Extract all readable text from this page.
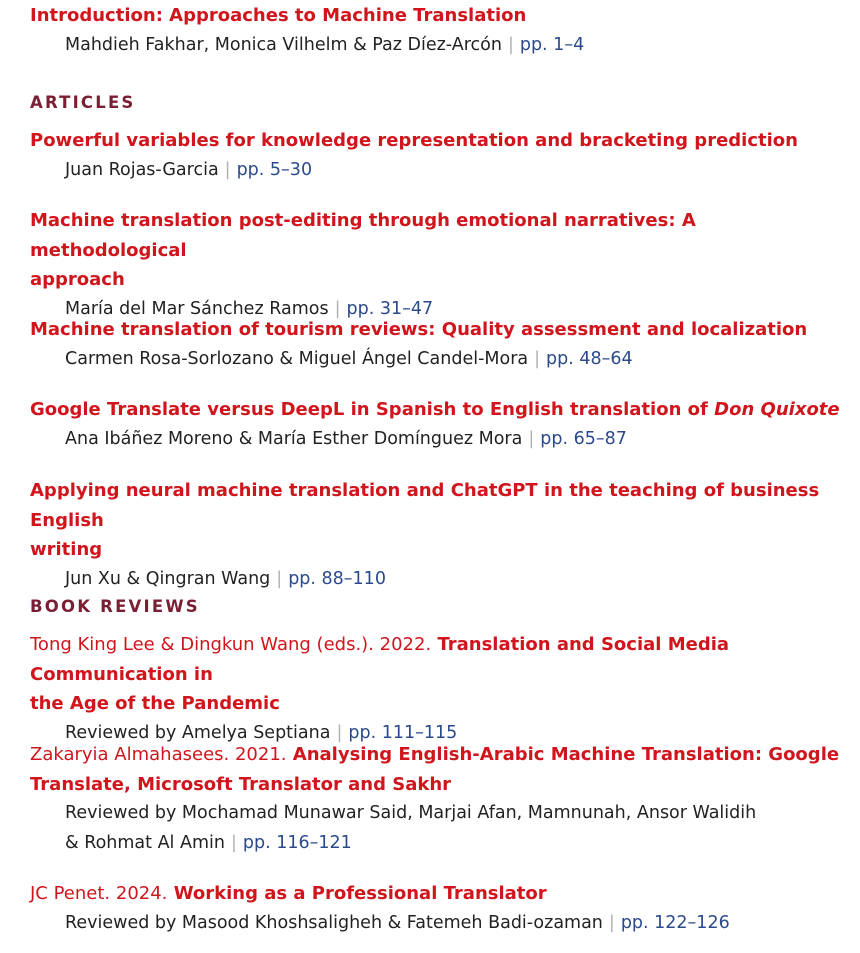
Introduction: Approaches to Machine Translation
Mahdieh Fakhar, Monica Vilhelm & Paz Díez-Arcón | pp. 1–4
ARTICLES
Powerful variables for knowledge representation and bracketing prediction
Juan Rojas-Garcia | pp. 5–30
Machine translation post-editing through emotional narratives: A methodological
approach
María del Mar Sánchez Ramos | pp. 31–47
Machine translation of tourism reviews: Quality assessment and localization
Carmen Rosa-Sorlozano & Miguel Ángel Candel-Mora | pp. 48–64
Google Translate versus DeepL in Spanish to English translation of Don Quixote
Ana Ibáñez Moreno & María Esther Domínguez Mora | pp. 65–87
Applying neural machine translation and ChatGPT in the teaching of business English
writing
Jun Xu & Qingran Wang | pp. 88–110
BOOK REVIEWS
Tong King Lee & Dingkun Wang (eds.). 2022. Translation and Social Media Communication in
the Age of the Pandemic
Reviewed by Amelya Septiana | pp. 111–115
Zakaryia Almahasees. 2021. Analysing English-Arabic Machine Translation: Google
Translate, Microsoft Translator and Sakhr
Reviewed by Mochamad Munawar Said, Marjai Afan, Mamnunah, Ansor Walidih
& Rohmat Al Amin | pp. 116–121
JC Penet. 2024. Working as a Professional Translator
Reviewed by Masood Khoshsaligheh & Fatemeh Badi-ozaman | pp. 122–126
